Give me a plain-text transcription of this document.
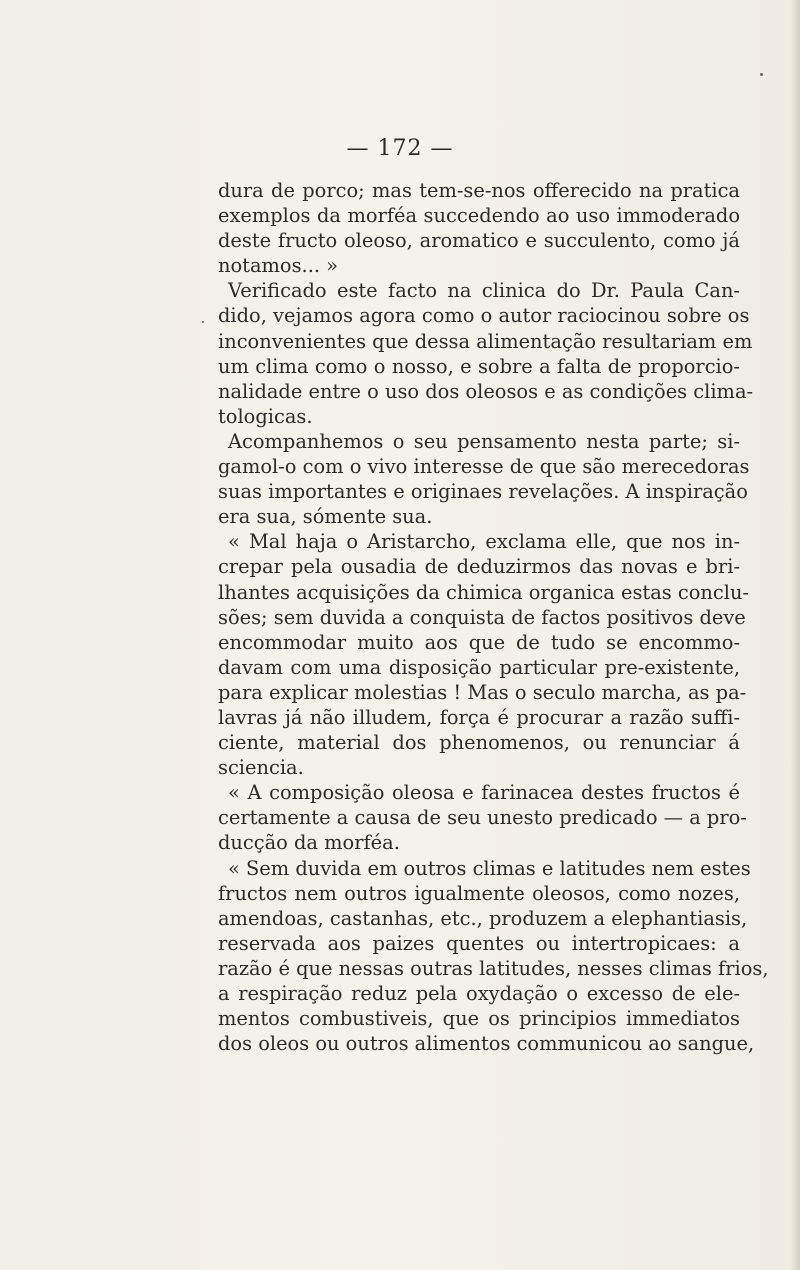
— 172 —
dura de porco; mas tem-se-nos offerecido na pratica
exemplos da morféa succedendo ao uso immoderado
deste fructo oleoso, aromatico e succulento, como já
notamos... »
Verificado este facto na clinica do Dr. Paula Can-
dido, vejamos agora como o autor raciocinou sobre os
inconvenientes que dessa alimentação resultariam em
um clima como o nosso, e sobre a falta de proporcio-
nalidade entre o uso dos oleosos e as condições clima-
tologicas.
Acompanhemos o seu pensamento nesta parte; si-
gamol-o com o vivo interesse de que são merecedoras
suas importantes e originaes revelações. A inspiração
era sua, sómente sua.
« Mal haja o Aristarcho, exclama elle, que nos in-
crepar pela ousadia de deduzirmos das novas e bri-
lhantes acquisições da chimica organica estas conclu-
sões; sem duvida a conquista de factos positivos deve
encommodar muito aos que de tudo se encommo-
davam com uma disposição particular pre-existente,
para explicar molestias ! Mas o seculo marcha, as pa-
lavras já não illudem, força é procurar a razão suffi-
ciente, material dos phenomenos, ou renunciar á
sciencia.
« A composição oleosa e farinacea destes fructos é
certamente a causa de seu unesto predicado — a pro-
ducção da morféa.
« Sem duvida em outros climas e latitudes nem estes
fructos nem outros igualmente oleosos, como nozes,
amendoas, castanhas, etc., produzem a elephantiasis,
reservada aos paizes quentes ou intertropicaes: a
razão é que nessas outras latitudes, nesses climas frios,
a respiração reduz pela oxydação o excesso de ele-
mentos combustiveis, que os principios immediatos
dos oleos ou outros alimentos communicou ao sangue,
